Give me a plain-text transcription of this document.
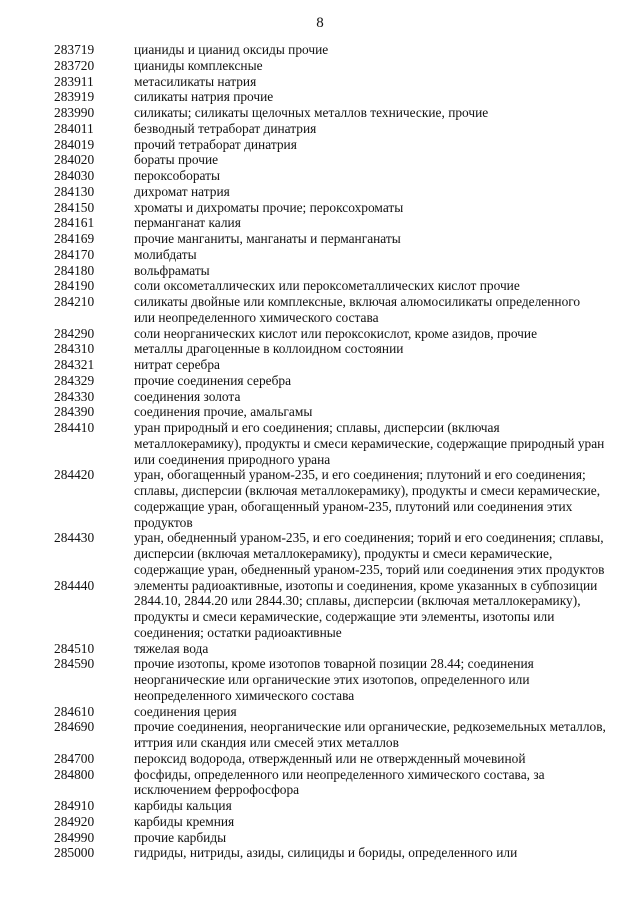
8
283719	цианиды и цианид оксиды прочие
283720	цианиды комплексные
283911	метасиликаты натрия
283919	силикаты натрия прочие
283990	силикаты; силикаты щелочных металлов технические, прочие
284011	безводный тетраборат динатрия
284019	прочий тетраборат динатрия
284020	бораты прочие
284030	пероксобораты
284130	дихромат натрия
284150	хроматы и дихроматы прочие; пероксохроматы
284161	перманганат калия
284169	прочие манганиты, манганаты и перманганаты
284170	молибдаты
284180	вольфраматы
284190	соли оксометаллических или пероксометаллических кислот прочие
284210	силикаты двойные или комплексные, включая алюмосиликаты определенного
или неопределенного химического состава
284290	соли неорганических кислот или пероксокислот, кроме азидов, прочие
284310	металлы драгоценные в коллоидном состоянии
284321	нитрат серебра
284329	прочие соединения серебра
284330	соединения золота
284390	соединения прочие, амальгамы
284410	уран природный и его соединения; сплавы, дисперсии (включая
металлокерамику), продукты и смеси керамические, содержащие природный уран
или соединения природного урана
284420	уран, обогащенный ураном-235, и его соединения; плутоний и его соединения;
сплавы, дисперсии (включая металлокерамику), продукты и смеси керамические,
содержащие уран, обогащенный ураном-235, плутоний или соединения этих
продуктов
284430	уран, обедненный ураном-235, и его соединения; торий и его соединения; сплавы,
дисперсии (включая металлокерамику), продукты и смеси керамические,
содержащие уран, обедненный ураном-235, торий или соединения этих продуктов
284440	элементы радиоактивные, изотопы и соединения, кроме указанных в субпозиции
2844.10, 2844.20 или 2844.30; сплавы, дисперсии (включая металлокерамику),
продукты и смеси керамические, содержащие эти элементы, изотопы или
соединения; остатки радиоактивные
284510	тяжелая вода
284590	прочие изотопы, кроме изотопов товарной позиции 28.44; соединения
неорганические или органические этих изотопов, определенного или
неопределенного химического состава
284610	соединения церия
284690	прочие соединения, неорганические или органические, редкоземельных металлов,
иттрия или скандия или смесей этих металлов
284700	пероксид водорода, отвержденный или не отвержденный мочевиной
284800	фосфиды, определенного или неопределенного химического состава, за
исключением феррофосфора
284910	карбиды кальция
284920	карбиды кремния
284990	прочие карбиды
285000	гидриды, нитриды, азиды, силициды и бориды, определенного или
